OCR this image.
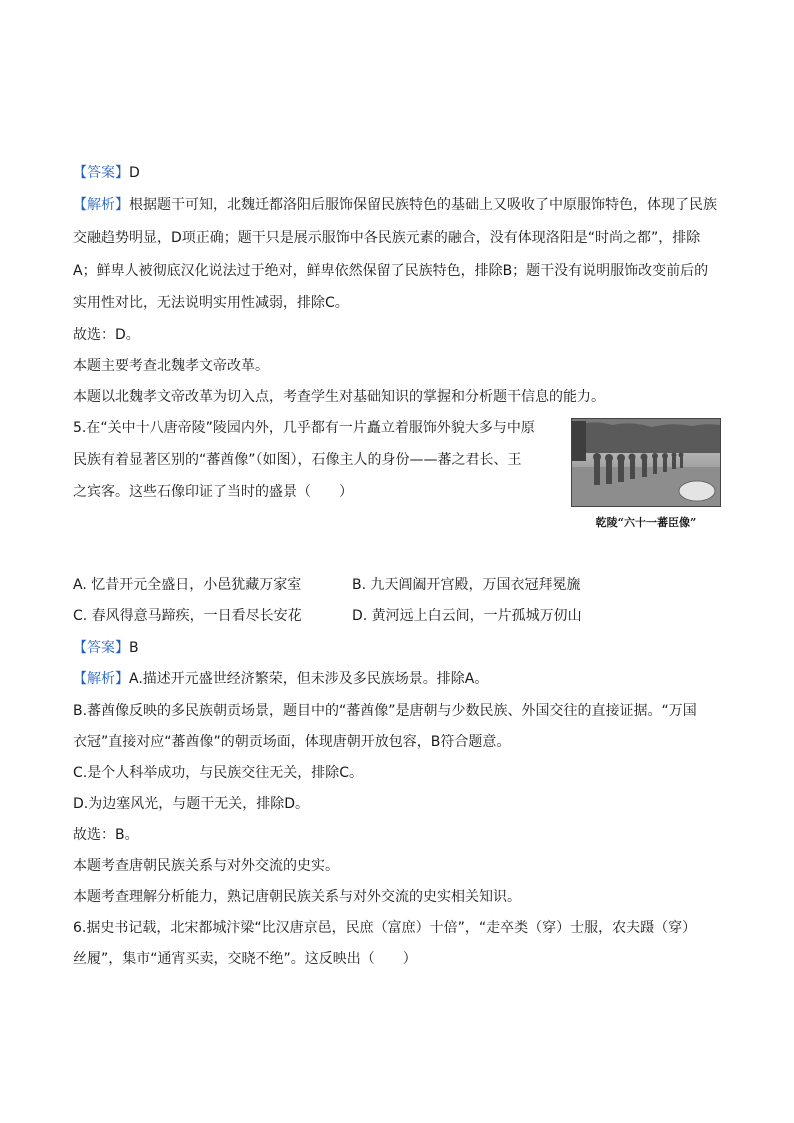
【答案】D
【解析】根据题干可知，北魏迁都洛阳后服饰保留民族特色的基础上又吸收了中原服饰特色，体现了民族
交融趋势明显，D项正确；题干只是展示服饰中各民族元素的融合，没有体现洛阳是“时尚之都”，排除
A；鲜卑人被彻底汉化说法过于绝对，鲜卑依然保留了民族特色，排除B；题干没有说明服饰改变前后的
实用性对比，无法说明实用性减弱，排除C。
故选：D。
本题主要考查北魏孝文帝改革。
本题以北魏孝文帝改革为切入点，考查学生对基础知识的掌握和分析题干信息的能力。
5.在“关中十八唐帝陵”陵园内外，几乎都有一片矗立着服饰外貌大多与中原
民族有着显著区别的“蕃酋像”（如图），石像主人的身份——蕃之君长、王
之宾客。这些石像印证了当时的盛景（　　）
乾陵“六十一蕃臣像”
A. 忆昔开元全盛日，小邑犹藏万家室	B. 九天阊阖开宫殿，万国衣冠拜冕旒
C. 春风得意马蹄疾，一日看尽长安花	D. 黄河远上白云间，一片孤城万仞山
【答案】B
【解析】A.描述开元盛世经济繁荣，但未涉及多民族场景。排除A。
B.蕃酋像反映的多民族朝贡场景，题目中的“蕃酋像”是唐朝与少数民族、外国交往的直接证据。“万国
衣冠”直接对应“蕃酋像”的朝贡场面，体现唐朝开放包容，B符合题意。
C.是个人科举成功，与民族交往无关，排除C。
D.为边塞风光，与题干无关，排除D。
故选：B。
本题考查唐朝民族关系与对外交流的史实。
本题考查理解分析能力，熟记唐朝民族关系与对外交流的史实相关知识。
6.据史书记载，北宋都城汴梁“比汉唐京邑，民庶（富庶）十倍”，“走卒类（穿）士服，农夫蹑（穿）
丝履”，集市“通宵买卖，交晓不绝”。这反映出（　　）
